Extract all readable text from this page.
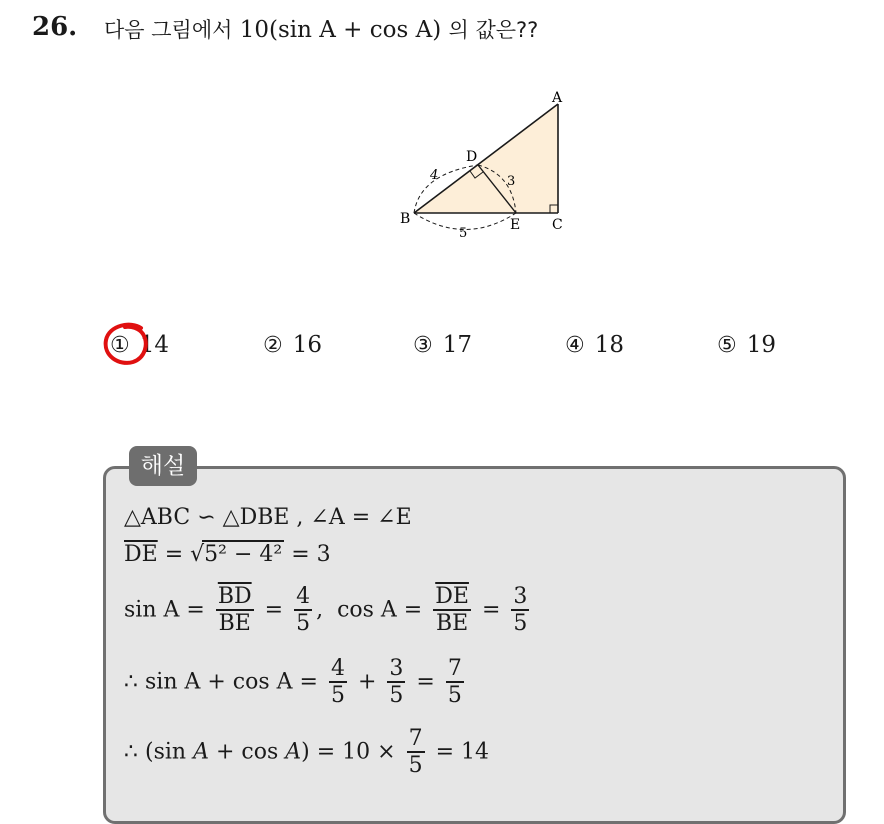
26. 다음 그림에서 10(sin A + cos A) 의 값은??
A
B	C
D
E
4	3
5
① 14	② 16	③ 17	④ 18	⑤ 19
해설
△ABC ∽ △DBE , ∠A = ∠E
$\overline{DE} = √5^2 - 4^2 = 3$
$\sin A = \frac{\overline{BD}}{BE} = \frac{4}{5}$ , $\cos A = \frac{\overline{DE}}{BE} = \frac{3}{5}$
∴ $\sin A + \cos A = \frac{4}{5} + \frac{3}{5} = \frac{7}{5}$
∴ (sin $A + \cos A) = 10 \times \frac{7}{5} = 14$
